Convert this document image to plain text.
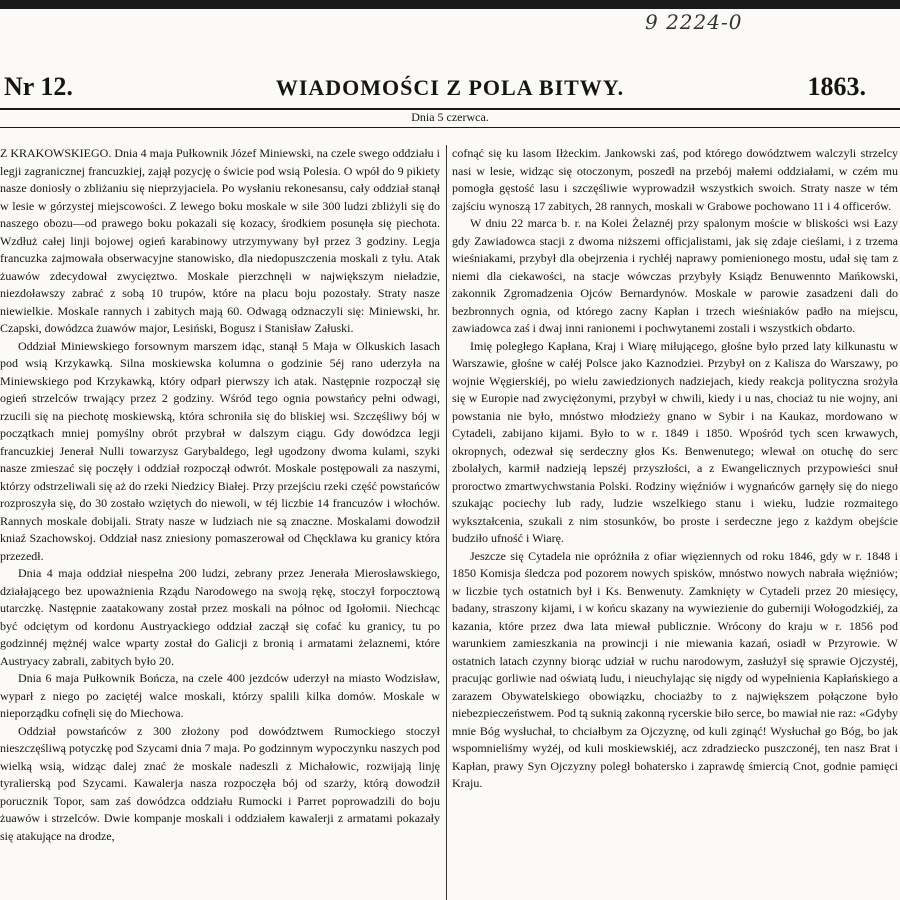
9 2224-0
Nr 12.	WIADOMOŚCI Z POLA BITWY.	1863.
Dnia 5 czerwca.

Z KRAKOWSKIEGO. Dnia 4 maja Pułkownik Józef Miniewski, na czele swego oddziału i legji zagranicznej francuzkiej, zajął pozycję o świcie pod wsią Polesia. O wpół do 9 pikiety nasze doniosły o zbliżaniu się nieprzyjaciela. Po wysłaniu rekonesansu, cały oddział stanął w lesie w górzystej miejscowości. Z lewego boku moskale w sile 300 ludzi zbliżyli się do naszego obozu—od prawego boku pokazali się kozacy, środkiem posunęła się piechota. Wzdłuż całej linji bojowej ogień karabinowy utrzymywany był przez 3 godziny. Legja francuzka zajmowała obserwacyjne stanowisko, dla niedopuszczenia moskali z tyłu. Atak żuawów zdecydował zwycięztwo. Moskale pierzchnęli w największym nieładzie, niezdoławszy zabrać z sobą 10 trupów, które na placu boju pozostały. Straty nasze niewielkie. Moskale rannych i zabitych mają 60. Odwagą odznaczyli się: Miniewski, hr. Czapski, dowódzca żuawów major, Lesiński, Bogusz i Stanisław Załuski.

Oddział Miniewskiego forsownym marszem idąc, stanął 5 Maja w Olkuskich lasach pod wsią Krzykawką. Silna moskiewska kolumna o godzinie 5éj rano uderzyła na Miniewskiego pod Krzykawką, który odparł pierwszy ich atak. Następnie rozpoczął się ogień strzelców trwający przez 2 godziny. Wśród tego ognia powstańcy pełni odwagi, rzucili się na piechotę moskiewską, która schroniła się do bliskiej wsi. Szczęśliwy bój w początkach mniej pomyślny obrót przybrał w dalszym ciągu. Gdy dowódzca legji francuzkiej Jenerał Nulli towarzysz Garybaldego, legł ugodzony dwoma kulami, szyki nasze zmieszać się poczęły i oddział rozpoczął odwrót. Moskale postępowali za naszymi, którzy odstrzeliwali się aż do rzeki Niedzicy Białej. Przy przejściu rzeki część powstańców rozproszyła się, do 30 zostało wziętych do niewoli, w téj liczbie 14 francuzów i włochów. Rannych moskale dobijali. Straty nasze w ludziach nie są znaczne. Moskalami dowodził kniaź Szachowskoj. Oddział nasz zniesiony pomaszerował od Chęcklawa ku granicy która przezedł.

Dnia 4 maja oddział niespełna 200 ludzi, zebrany przez Jenerała Mierosławskiego, działającego bez upoważnienia Rządu Narodowego na swoją rękę, stoczył forpocztową utarczkę. Następnie zaatakowany został przez moskali na północ od Igołomii. Niechcąc być odciętym od kordonu Austryackiego oddział zaczął się cofać ku granicy, tu po godzinnéj mężnéj walce wparty został do Galicji z bronią i armatami żelaznemi, które Austryacy zabrali, zabitych było 20.

Dnia 6 maja Pułkownik Bończa, na czele 400 jezdców uderzył na miasto Wodzisław, wyparł z niego po zaciętéj walce moskali, którzy spalili kilka domów. Moskale w nieporządku cofnęli się do Miechowa.

Oddział powstańców z 300 złożony pod dowództwem Rumockiego stoczył nieszczęśliwą potyczkę pod Szycami dnia 7 maja. Po godzinnym wypoczynku naszych pod wielką wsią, widząc dalej znać że moskale nadeszli z Michałowic, rozwijają linję tyralierską pod Szycami. Kawalerja nasza rozpoczęła bój od szarży, którą dowodził porucznik Topor, sam zaś dowódzca oddziału Rumocki i Parret poprowadzili do boju żuawów i strzelców. Dwie kompanje moskali i oddziałem kawalerji z armatami pokazały się atakujące na drodze,

cofnąć się ku lasom Iłżeckim. Jankowski zaś, pod którego dowództwem walczyli strzelcy nasi w lesie, widząc się otoczonym, poszedł na przebój małemi oddziałami, w czém mu pomogła gęstość lasu i szczęśliwie wyprowadził wszystkich swoich. Straty nasze w tém zajściu wynoszą 17 zabitych, 28 rannych, moskali w Grabowe pochowano 11 i 4 officerów.

W dniu 22 marca b. r. na Kolei Żelaznéj przy spalonym moście w bliskości wsi Łazy gdy Zawiadowca stacji z dwoma niższemi officjalistami, jak się zdaje cieślami, i z trzema wieśniakami, przybył dla obejrzenia i rychłéj naprawy pomienionego mostu, udał się tam z niemi dla ciekawości, na stacje wówczas przybyły Ksiądz Benuwennto Mańkowski, zakonnik Zgromadzenia Ojców Bernardynów. Moskale w parowie zasadzeni dali do bezbronnych ognia, od którego zacny Kapłan i trzech wieśniaków padło na miejscu, zawiadowca zaś i dwaj inni ranionemi i pochwytanemi zostali i wszystkich obdarto.

Imię poległego Kapłana, Kraj i Wiarę miłującego, głośne było przed laty kilkunastu w Warszawie, głośne w całéj Polsce jako Kaznodziei. Przybył on z Kalisza do Warszawy, po wojnie Węgierskiéj, po wielu zawiedzionych nadziejach, kiedy reakcja polityczna srożyła się w Europie nad zwyciężonymi, przybył w chwili, kiedy i u nas, chociaż tu nie wojny, ani powstania nie było, mnóstwo młodzieży gnano w Sybir i na Kaukaz, mordowano w Cytadeli, zabijano kijami. Było to w r. 1849 i 1850. Wpośród tych scen krwawych, okropnych, odezwał się serdeczny głos Ks. Benwenutego; wlewał on otuchę do serc zbolałych, karmił nadzieją lepszéj przyszłości, a z Ewangelicznych przypowieści snuł proroctwo zmartwychwstania Polski. Rodziny więźniów i wygnańców garnęły się do niego szukając pociechy lub rady, ludzie wszelkiego stanu i wieku, ludzie rozmaitego wykształcenia, szukali z nim stosunków, bo proste i serdeczne jego z każdym obejście budziło ufność i Wiarę.

Jeszcze się Cytadela nie opróżniła z ofiar więziennych od roku 1846, gdy w r. 1848 i 1850 Komisja śledcza pod pozorem nowych spisków, mnóstwo nowych nabrała więźniów; w liczbie tych ostatnich był i Ks. Benwenuty. Zamknięty w Cytadeli przez 20 miesięcy, badany, straszony kijami, i w końcu skazany na wywiezienie do guberniji Wołogodzkiéj, za kazania, które przez dwa lata miewał publicznie. Wrócony do kraju w r. 1856 pod warunkiem zamieszkania na prowincji i nie miewania kazań, osiadł w Przyrowie. W ostatnich latach czynny biorąc udział w ruchu narodowym, zasłużył się sprawie Ojczystéj, pracując gorliwie nad oświatą ludu, i nieuchylając się nigdy od wypełnienia Kapłańskiego a zarazem Obywatelskiego obowiązku, chociażby to z największem połączone było niebezpieczeństwem. Pod tą suknią zakonną rycerskie biło serce, bo mawiał nie raz: «Gdyby mnie Bóg wysłuchał, to chciałbym za Ojczyznę, od kuli zginąć! Wysłuchał go Bóg, bo jak wspomnieliśmy wyżéj, od kuli moskiewskiéj, acz zdradziecko puszczonéj, ten nasz Brat i Kapłan, prawy Syn Ojczyzny poległ bohatersko i zaprawdę śmiercią Cnot, godnie pamięci Kraju.
